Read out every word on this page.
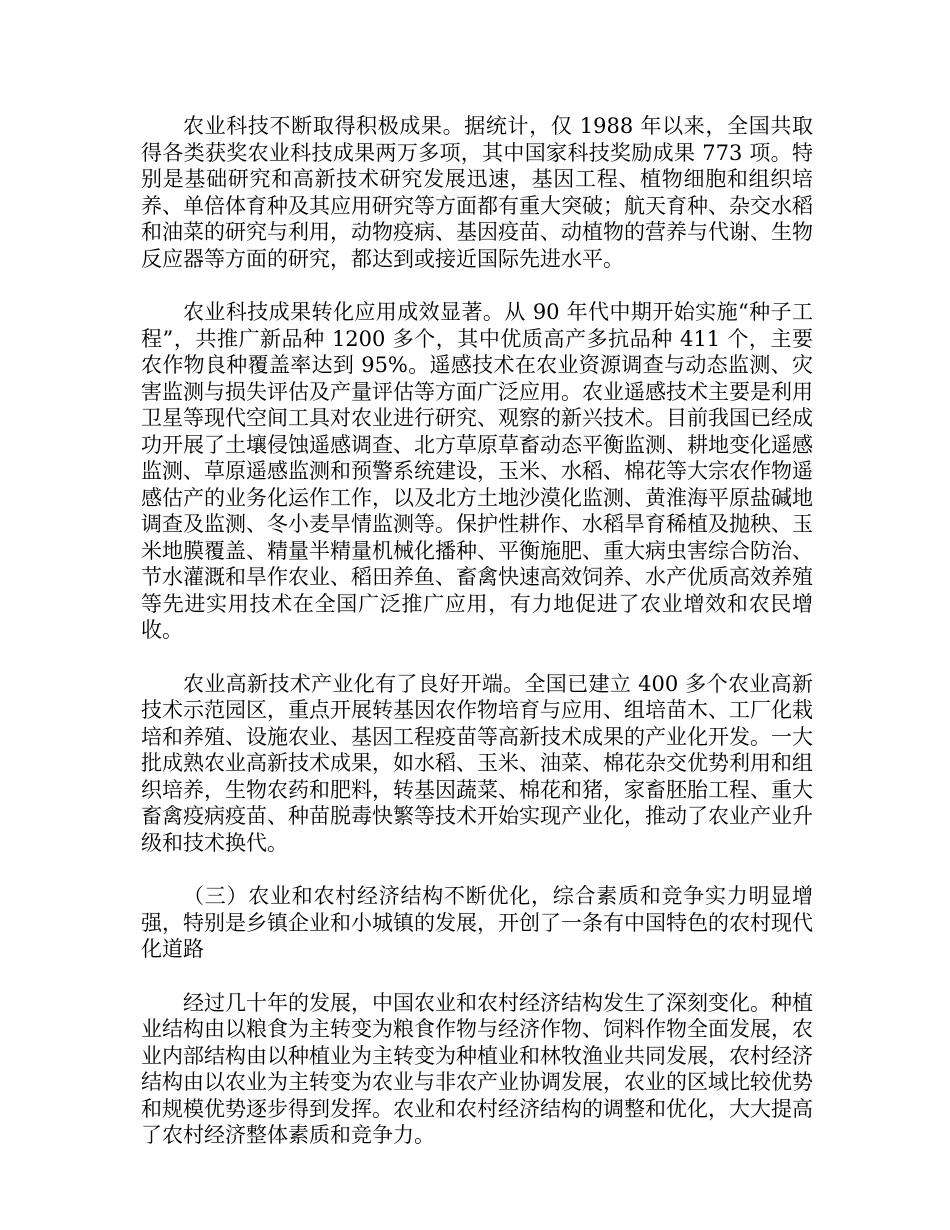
农业科技不断取得积极成果。据统计，仅 1988 年以来，全国共取得各类获奖农业科技成果两万多项，其中国家科技奖励成果 773 项。特别是基础研究和高新技术研究发展迅速，基因工程、植物细胞和组织培养、单倍体育种及其应用研究等方面都有重大突破；航天育种、杂交水稻和油菜的研究与利用，动物疫病、基因疫苗、动植物的营养与代谢、生物反应器等方面的研究，都达到或接近国际先进水平。

农业科技成果转化应用成效显著。从 90 年代中期开始实施“种子工程”，共推广新品种 1200 多个，其中优质高产多抗品种 411 个，主要农作物良种覆盖率达到 95%。遥感技术在农业资源调查与动态监测、灾害监测与损失评估及产量评估等方面广泛应用。农业遥感技术主要是利用卫星等现代空间工具对农业进行研究、观察的新兴技术。目前我国已经成功开展了土壤侵蚀遥感调查、北方草原草畜动态平衡监测、耕地变化遥感监测、草原遥感监测和预警系统建设，玉米、水稻、棉花等大宗农作物遥感估产的业务化运作工作，以及北方土地沙漠化监测、黄淮海平原盐碱地调查及监测、冬小麦旱情监测等。保护性耕作、水稻旱育稀植及抛秧、玉米地膜覆盖、精量半精量机械化播种、平衡施肥、重大病虫害综合防治、节水灌溉和旱作农业、稻田养鱼、畜禽快速高效饲养、水产优质高效养殖等先进实用技术在全国广泛推广应用，有力地促进了农业增效和农民增收。

农业高新技术产业化有了良好开端。全国已建立 400 多个农业高新技术示范园区，重点开展转基因农作物培育与应用、组培苗木、工厂化栽培和养殖、设施农业、基因工程疫苗等高新技术成果的产业化开发。一大批成熟农业高新技术成果，如水稻、玉米、油菜、棉花杂交优势利用和组织培养，生物农药和肥料，转基因蔬菜、棉花和猪，家畜胚胎工程、重大畜禽疫病疫苗、种苗脱毒快繁等技术开始实现产业化，推动了农业产业升级和技术换代。

（三）农业和农村经济结构不断优化，综合素质和竞争实力明显增强，特别是乡镇企业和小城镇的发展，开创了一条有中国特色的农村现代化道路

经过几十年的发展，中国农业和农村经济结构发生了深刻变化。种植业结构由以粮食为主转变为粮食作物与经济作物、饲料作物全面发展，农业内部结构由以种植业为主转变为种植业和林牧渔业共同发展，农村经济结构由以农业为主转变为农业与非农产业协调发展，农业的区域比较优势和规模优势逐步得到发挥。农业和农村经济结构的调整和优化，大大提高了农村经济整体素质和竞争力。
